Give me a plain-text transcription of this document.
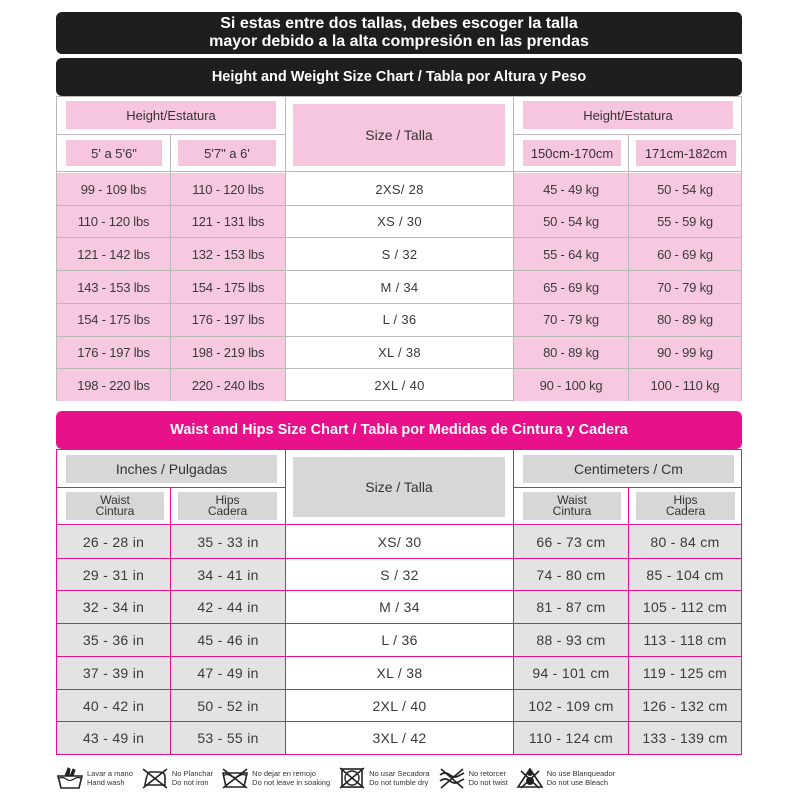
Si estas entre dos tallas, debes escoger la talla
mayor debido a la alta compresión en las prendas
Height and Weight Size Chart / Tabla por Altura y Peso
Height/Estatura
5' a 5'6"	5'7" a 6'
Size / Talla
Height/Estatura
150cm-170cm	171cm-182cm
99 - 109 lbs	110 - 120 lbs	2XS/ 28	45 - 49 kg	50 - 54 kg
110 - 120 lbs	121 - 131 lbs	XS / 30	50 - 54 kg	55 - 59 kg
121 - 142 lbs	132 - 153 lbs	S / 32	55 - 64 kg	60 - 69 kg
143 - 153 lbs	154 - 175 lbs	M / 34	65 - 69 kg	70 - 79 kg
154 - 175 lbs	176 - 197 lbs	L / 36	70 - 79 kg	80 - 89 kg
176 - 197 lbs	198 - 219 lbs	XL / 38	80 - 89 kg	90 - 99 kg
198 - 220 lbs	220 - 240 lbs	2XL / 40	90 - 100 kg	100 - 110 kg
Waist and Hips Size Chart / Tabla por Medidas de Cintura y Cadera
Inches / Pulgadas
Waist
Cintura
Hips
Cadera
Size / Talla
Centimeters / Cm
Waist
Cintura
Hips
Cadera
26 - 28 in	35 - 33 in	XS/ 30	66 - 73 cm	80 - 84 cm
29 - 31 in	34 - 41 in	S / 32	74 - 80 cm	85 - 104 cm
32 - 34 in	42 - 44 in	M / 34	81 - 87 cm	105 - 112 cm
35 - 36 in	45 - 46 in	L / 36	88 - 93 cm	113 - 118 cm
37 - 39 in	47 - 49 in	XL / 38	94 - 101 cm	119 - 125 cm
40 - 42 in	50 - 52 in	2XL / 40	102 - 109 cm	126 - 132 cm
43 - 49 in	53 - 55 in	3XL / 42	110 - 124 cm	133 - 139 cm
Lavar a mano
Hand wash
No Planchar
Do not iron
No dejar en remojo
Do not leave in soaking
No usar Secadora
Do not tumble dry
No retorcer
Do not twist
No use Blanqueador
Do not use Bleach
